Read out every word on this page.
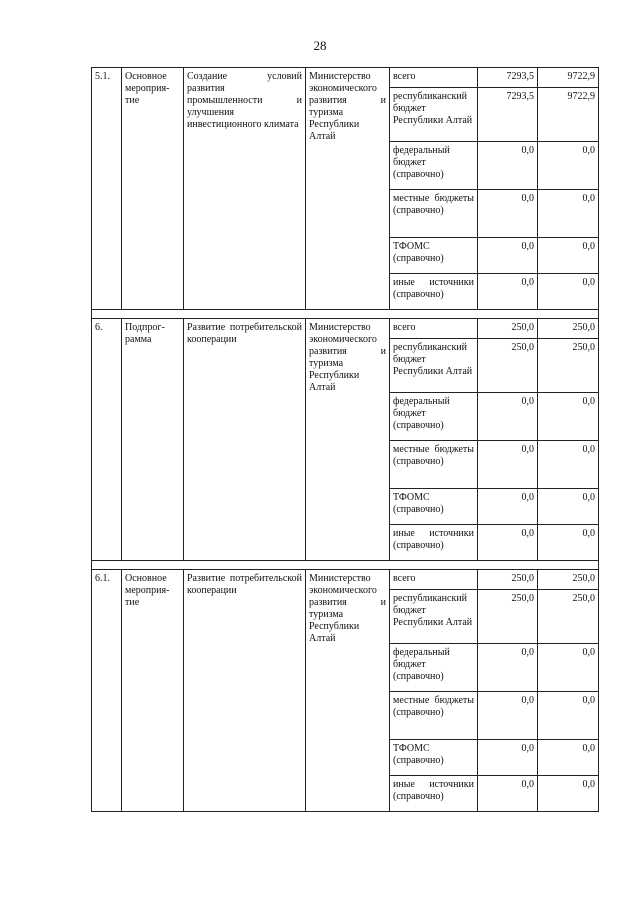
28
5.1.	Основное мероприя-тие	Создание условий развития промышленности и улучшения инвестиционного климата	Министерство экономического развития и туризма Республики Алтай	всего	7293,5	9722,9
				республиканский бюджет Республики Алтай	7293,5	9722,9
				федеральный бюджет (справочно)	0,0	0,0
				местные бюджеты (справочно)	0,0	0,0
				ТФОМС (справочно)	0,0	0,0
				иные источники (справочно)	0,0	0,0

6.	Подпрог-рамма	Развитие потребительской кооперации	Министерство экономического развития и туризма Республики Алтай	всего	250,0	250,0
				республиканский бюджет Республики Алтай	250,0	250,0
				федеральный бюджет (справочно)	0,0	0,0
				местные бюджеты (справочно)	0,0	0,0
				ТФОМС (справочно)	0,0	0,0
				иные источники (справочно)	0,0	0,0

6.1.	Основное мероприя-тие	Развитие потребительской кооперации	Министерство экономического развития и туризма Республики Алтай	всего	250,0	250,0
				республиканский бюджет Республики Алтай	250,0	250,0
				федеральный бюджет (справочно)	0,0	0,0
				местные бюджеты (справочно)	0,0	0,0
				ТФОМС (справочно)	0,0	0,0
				иные источники (справочно)	0,0	0,0
